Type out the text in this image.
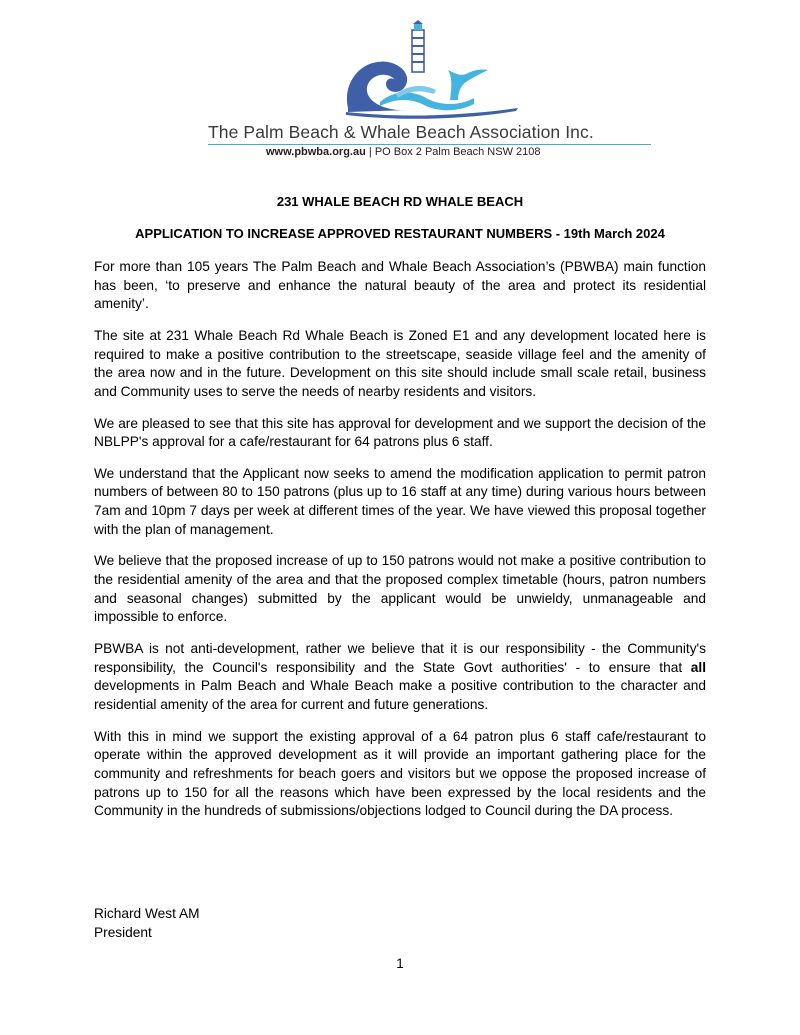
The Palm Beach & Whale Beach Association Inc.
www.pbwba.org.au | PO Box 2 Palm Beach NSW 2108
231 WHALE BEACH RD WHALE BEACH
APPLICATION TO INCREASE APPROVED RESTAURANT NUMBERS - 19th March 2024

For more than 105 years The Palm Beach and Whale Beach Association’s (PBWBA) main function has been, ‘to preserve and enhance the natural beauty of the area and protect its residential amenity’.

The site at 231 Whale Beach Rd Whale Beach is Zoned E1 and any development located here is required to make a positive contribution to the streetscape, seaside village feel and the amenity of the area now and in the future. Development on this site should include small scale retail, business and Community uses to serve the needs of nearby residents and visitors.

We are pleased to see that this site has approval for development and we support the decision of the NBLPP's approval for a cafe/restaurant for 64 patrons plus 6 staff.

We understand that the Applicant now seeks to amend the modification application to permit patron numbers of between 80 to 150 patrons (plus up to 16 staff at any time) during various hours between 7am and 10pm 7 days per week at different times of the year. We have viewed this proposal together with the plan of management.

We believe that the proposed increase of up to 150 patrons would not make a positive contribution to the residential amenity of the area and that the proposed complex timetable (hours, patron numbers and seasonal changes) submitted by the applicant would be unwieldy, unmanageable and impossible to enforce.

PBWBA is not anti-development, rather we believe that it is our responsibility - the Community's responsibility, the Council's responsibility and the State Govt authorities' - to ensure that all developments in Palm Beach and Whale Beach make a positive contribution to the character and residential amenity of the area for current and future generations.

With this in mind we support the existing approval of a 64 patron plus 6 staff cafe/restaurant to operate within the approved development as it will provide an important gathering place for the community and refreshments for beach goers and visitors but we oppose the proposed increase of patrons up to 150 for all the reasons which have been expressed by the local residents and the Community in the hundreds of submissions/objections lodged to Council during the DA process.

Richard West AM
President
1
